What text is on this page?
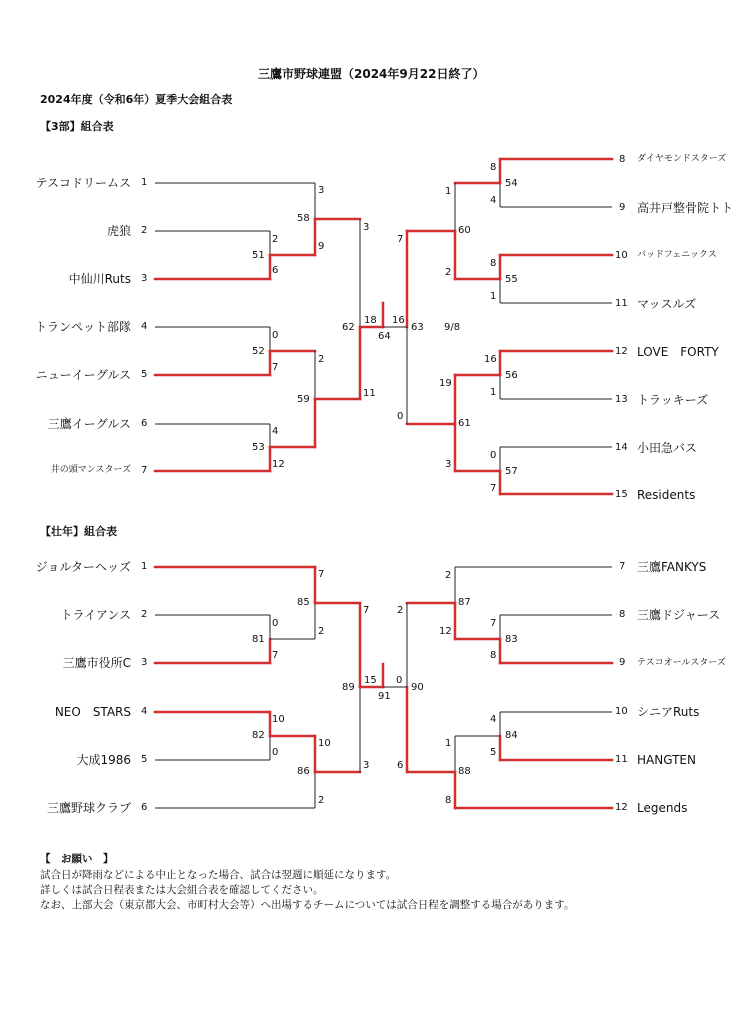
三鷹市野球連盟（2024年9月22日終了）
2024年度（令和6年）夏季大会組合表
【3部】組合表
テスコドリームス 1
虎狼 2
中仙川Ruts 3
トランペット部隊 4
ニューイーグルス 5
三鷹イーグルス 6
井の頭マンスターズ 7
8 ダイヤモンドスターズ
9 高井戸整骨院トト
10 バッドフェニックス
11 マッスルズ
12 LOVE　FORTY
13 トラッキーズ
14 小田急バス
15 Residents
51
52
53
58
59
62
64
54
55
56
57
60
61
63 9/8
3
2
6
9
0
7
2
4
12
11
3
18 16
8
4
8
1
16
1
0
7
7
2
19
0
1
3
【壮年】組合表
ジョルターヘッズ 1
トライアンス 2
三鷹市役所C 3
NEO　STARS 4
大成1986 5
三鷹野球クラブ 6
7 三鷹FANKYS
8 三鷹ドジャース
9 テスコオールスターズ
10 シニアRuts
11 HANGTEN
12 Legends
81
82
85
86
89
91
83
84
87
88
90
7
0
7
2
10
0
10
3
2
7
15 0
2
7
8
4
5
12
1
6
8
2
【　お願い　】
試合日が降雨などによる中止となった場合、試合は翌週に順延になります。
詳しくは試合日程表または大会組合表を確認してください。
なお、上部大会（東京都大会、市町村大会等）へ出場するチームについては試合日程を調整する場合があります。
